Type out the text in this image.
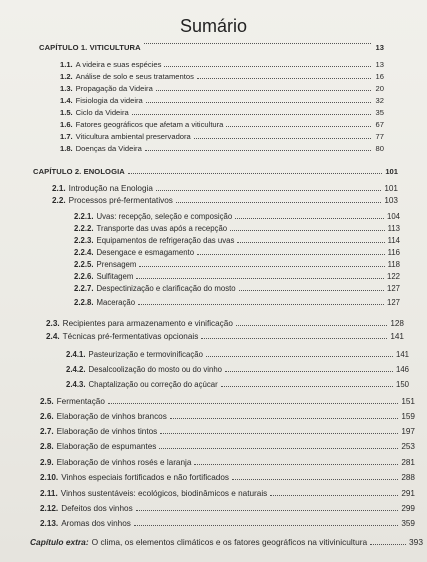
Sumário
CAPÍTULO 1. VITICULTURA	13
1.1. A videira e suas espécies	13
1.2. Análise de solo e seus tratamentos	16
1.3. Propagação da Videira	20
1.4. Fisiologia da videira	32
1.5. Ciclo da Videira	35
1.6. Fatores geográficos que afetam a viticultura	67
1.7. Viticultura ambiental preservadora	77
1.8. Doenças da Videira	80
CAPÍTULO 2. ENOLOGIA	101
2.1. Introdução na Enologia	101
2.2. Processos pré-fermentativos	103
2.2.1. Uvas: recepção, seleção e composição	104
2.2.2. Transporte das uvas após a recepção	113
2.2.3. Equipamentos de refrigeração das uvas	114
2.2.4. Desengace e esmagamento	116
2.2.5. Prensagem	118
2.2.6. Sulfitagem	122
2.2.7. Despectinização e clarificação do mosto	127
2.2.8. Maceração	127
2.3. Recipientes para armazenamento e vinificação	128
2.4. Técnicas pré-fermentativas opcionais	141
2.4.1. Pasteurização e termovinificação	141
2.4.2. Desalcoolização do mosto ou do vinho	146
2.4.3. Chaptalização ou correção do açúcar	150
2.5. Fermentação	151
2.6. Elaboração de vinhos brancos	159
2.7. Elaboração de vinhos tintos	197
2.8. Elaboração de espumantes	253
2.9. Elaboração de vinhos rosés e laranja	281
2.10. Vinhos especiais fortificados e não fortificados	288
2.11. Vinhos sustentáveis: ecológicos, biodinâmicos e naturais	291
2.12. Defeitos dos vinhos	299
2.13. Aromas dos vinhos	359
Capítulo extra: O clima, os elementos climáticos e os fatores geográficos na vitivinicultura	393
